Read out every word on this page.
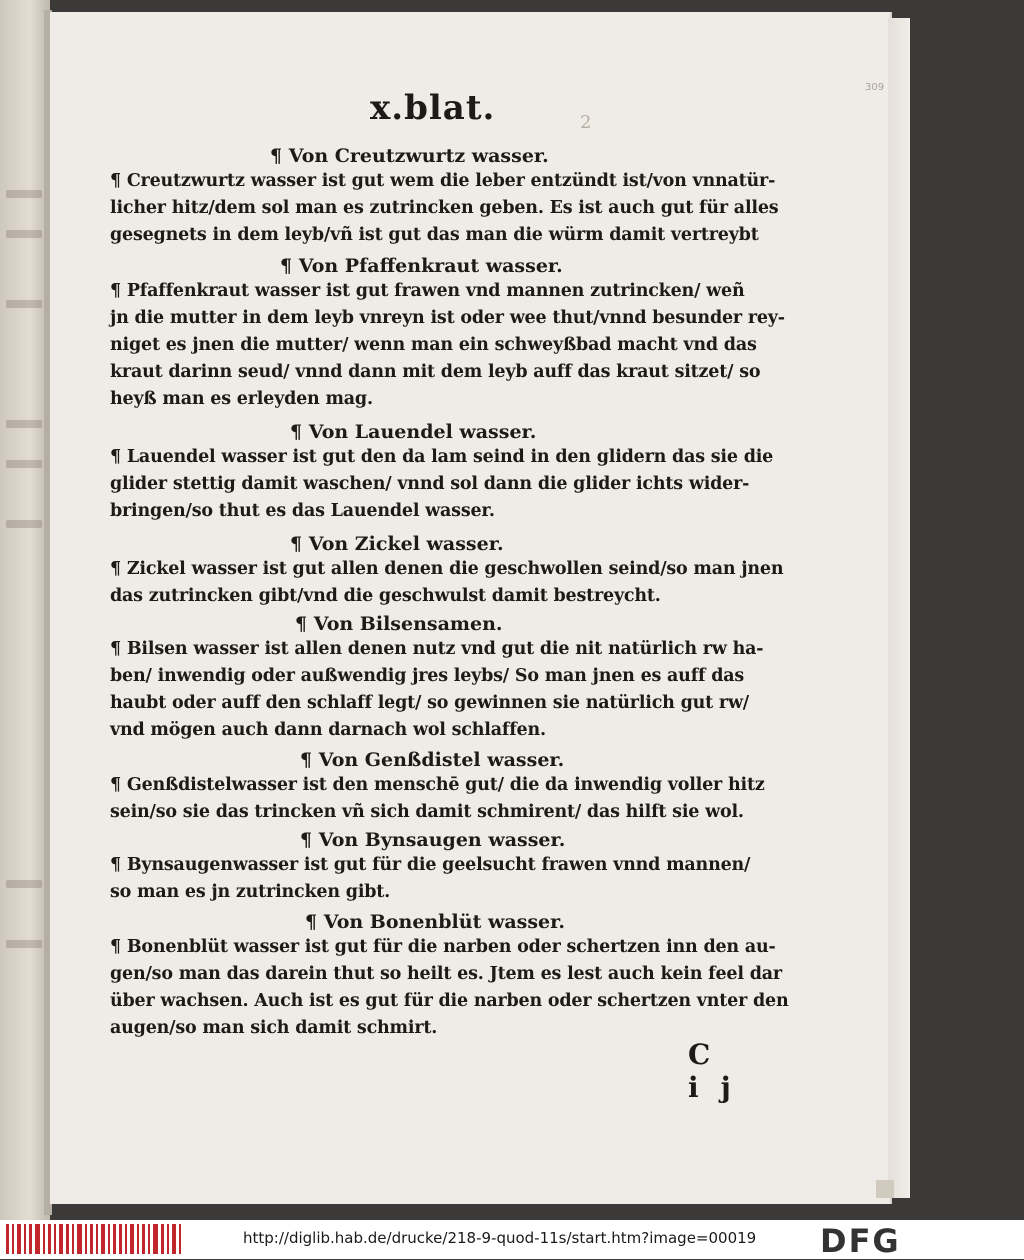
x.blat.	2
309
¶ Von Creutzwurtz wasser.
¶ Creutzwurtz wasser ist gut wem die leber entzündt ist/von vnnatür-
licher hitz/dem sol man es zutrincken geben. Es ist auch gut für alles
gesegnets in dem leyb/vñ ist gut das man die würm damit vertreybt
¶ Von Pfaffenkraut wasser.
¶ Pfaffenkraut wasser ist gut frawen vnd mannen zutrincken/ weñ
jn die mutter in dem leyb vnreyn ist oder wee thut/vnnd besunder rey-
niget es jnen die mutter/ wenn man ein schweyßbad macht vnd das
kraut darinn seud/ vnnd dann mit dem leyb auff das kraut sitzet/ so
heyß man es erleyden mag.
¶ Von Lauendel wasser.
¶ Lauendel wasser ist gut den da lam seind in den glidern das sie die
glider stettig damit waschen/ vnnd sol dann die glider ichts wider-
bringen/so thut es das Lauendel wasser.
¶ Von Zickel wasser.
¶ Zickel wasser ist gut allen denen die geschwollen seind/so man jnen
das zutrincken gibt/vnd die geschwulst damit bestreycht.
¶ Von Bilsensamen.
¶ Bilsen wasser ist allen denen nutz vnd gut die nit natürlich rw ha-
ben/ inwendig oder außwendig jres leybs/ So man jnen es auff das
haubt oder auff den schlaff legt/ so gewinnen sie natürlich gut rw/
vnd mögen auch dann darnach wol schlaffen.
¶ Von Genßdistel wasser.
¶ Genßdistelwasser ist den menschē gut/ die da inwendig voller hitz
sein/so sie das trincken vñ sich damit schmirent/ das hilft sie wol.
¶ Von Bynsaugen wasser.
¶ Bynsaugenwasser ist gut für die geelsucht frawen vnnd mannen/
so man es jn zutrincken gibt.
¶ Von Bonenblüt wasser.
¶ Bonenblüt wasser ist gut für die narben oder schertzen inn den au-
gen/so man das darein thut so heilt es. Jtem es lest auch kein feel dar
über wachsen. Auch ist es gut für die narben oder schertzen vnter den
augen/so man sich damit schmirt.
C ij
http://diglib.hab.de/drucke/218-9-quod-11s/start.htm?image=00019 DFG
